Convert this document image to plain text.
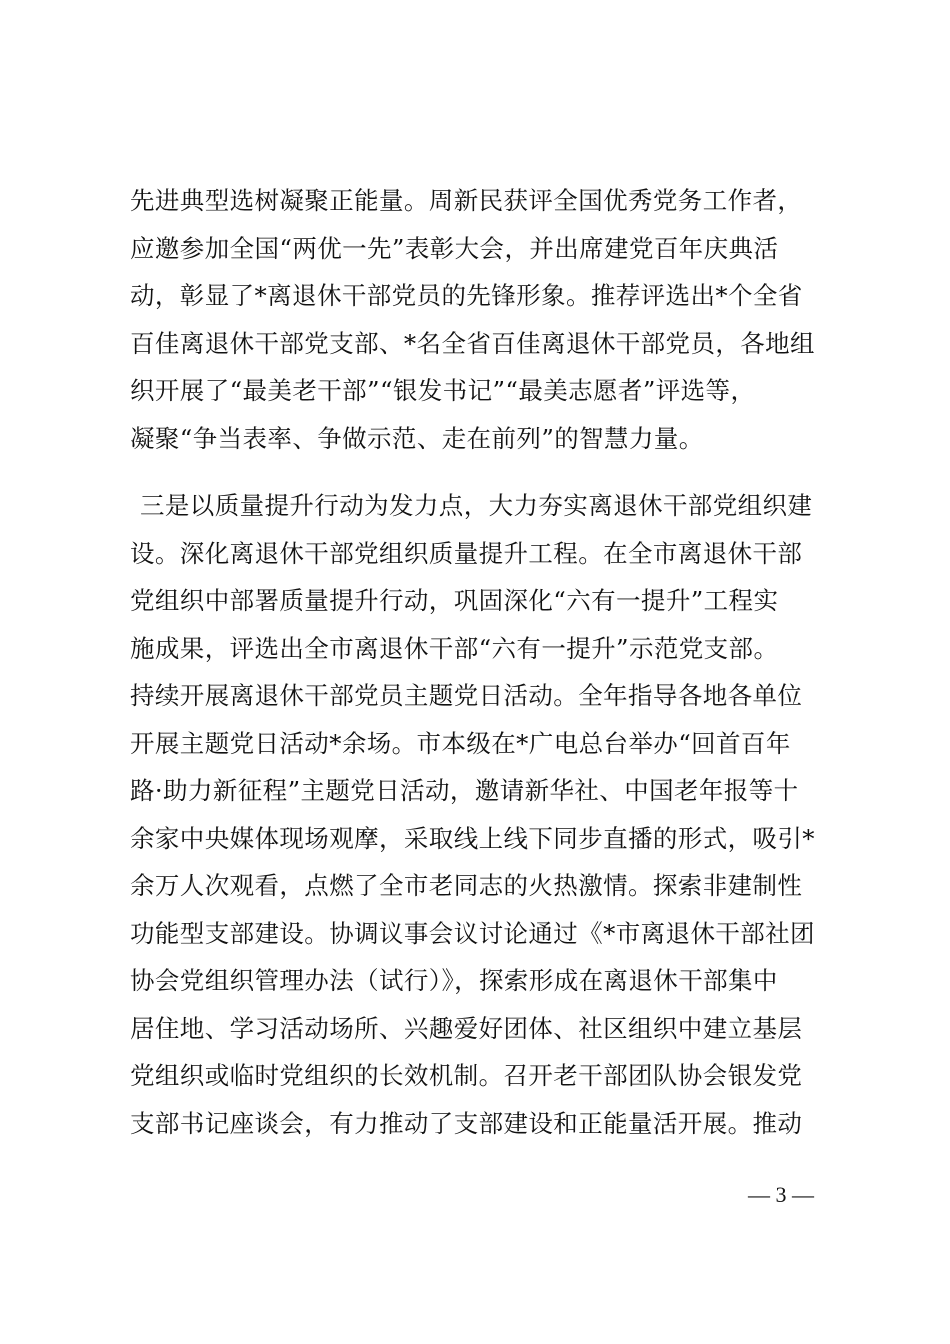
先进典型选树凝聚正能量。周新民获评全国优秀党务工作者，
应邀参加全国“两优一先”表彰大会，并出席建党百年庆典活
动，彰显了*离退休干部党员的先锋形象。推荐评选出*个全省
百佳离退休干部党支部、*名全省百佳离退休干部党员，各地组
织开展了“最美老干部”“银发书记”“最美志愿者”评选等，
凝聚“争当表率、争做示范、走在前列”的智慧力量。
三是以质量提升行动为发力点，大力夯实离退休干部党组织建
设。深化离退休干部党组织质量提升工程。在全市离退休干部
党组织中部署质量提升行动，巩固深化“六有一提升”工程实
施成果，评选出全市离退休干部“六有一提升”示范党支部。
持续开展离退休干部党员主题党日活动。全年指导各地各单位
开展主题党日活动*余场。市本级在*广电总台举办“回首百年
路·助力新征程”主题党日活动，邀请新华社、中国老年报等十
余家中央媒体现场观摩，采取线上线下同步直播的形式，吸引*
余万人次观看，点燃了全市老同志的火热激情。探索非建制性
功能型支部建设。协调议事会议讨论通过《*市离退休干部社团
协会党组织管理办法（试行）》，探索形成在离退休干部集中
居住地、学习活动场所、兴趣爱好团体、社区组织中建立基层
党组织或临时党组织的长效机制。召开老干部团队协会银发党
支部书记座谈会，有力推动了支部建设和正能量活开展。推动
— 3 —
